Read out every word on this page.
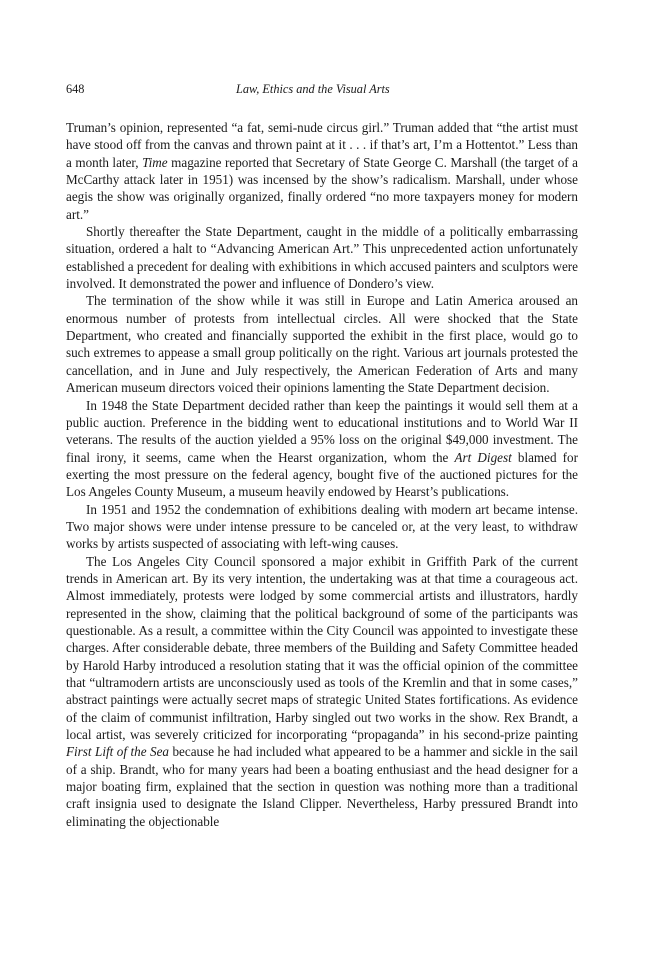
648	Law, Ethics and the Visual Arts

Truman’s opinion, represented “a fat, semi-nude circus girl.” Truman added that “the artist must have stood off from the canvas and thrown paint at it . . . if that’s art, I’m a Hottentot.” Less than a month later, Time magazine reported that Secretary of State George C. Marshall (the target of a McCarthy attack later in 1951) was incensed by the show’s radicalism. Marshall, under whose aegis the show was originally organized, finally ordered “no more taxpayers money for modern art.”

Shortly thereafter the State Department, caught in the middle of a politically embarrassing situation, ordered a halt to “Advancing American Art.” This unprecedented action unfortunately established a precedent for dealing with exhibitions in which accused painters and sculptors were involved. It demonstrated the power and influence of Dondero’s view.

The termination of the show while it was still in Europe and Latin America aroused an enormous number of protests from intellectual circles. All were shocked that the State Department, who created and financially supported the exhibit in the first place, would go to such extremes to appease a small group politically on the right. Various art journals protested the cancellation, and in June and July respectively, the American Federation of Arts and many American museum directors voiced their opinions lamenting the State Department decision.

In 1948 the State Department decided rather than keep the paintings it would sell them at a public auction. Preference in the bidding went to educational institutions and to World War II veterans. The results of the auction yielded a 95% loss on the original $49,000 investment. The final irony, it seems, came when the Hearst organization, whom the Art Digest blamed for exerting the most pressure on the federal agency, bought five of the auctioned pictures for the Los Angeles County Museum, a museum heavily endowed by Hearst’s publications.

In 1951 and 1952 the condemnation of exhibitions dealing with modern art became intense. Two major shows were under intense pressure to be canceled or, at the very least, to withdraw works by artists suspected of associating with left-wing causes.

The Los Angeles City Council sponsored a major exhibit in Griffith Park of the current trends in American art. By its very intention, the undertaking was at that time a courageous act. Almost immediately, protests were lodged by some commercial artists and illustrators, hardly represented in the show, claiming that the political background of some of the participants was questionable. As a result, a committee within the City Council was appointed to investigate these charges. After considerable debate, three members of the Building and Safety Committee headed by Harold Harby introduced a resolution stating that it was the official opinion of the committee that “ultramodern artists are unconsciously used as tools of the Kremlin and that in some cases,” abstract paintings were actually secret maps of strategic United States fortifications. As evidence of the claim of communist infiltration, Harby singled out two works in the show. Rex Brandt, a local artist, was severely criticized for incorporating “propaganda” in his second-prize painting First Lift of the Sea because he had included what appeared to be a hammer and sickle in the sail of a ship. Brandt, who for many years had been a boating enthusiast and the head designer for a major boating firm, explained that the section in question was nothing more than a traditional craft insignia used to designate the Island Clipper. Nevertheless, Harby pressured Brandt into eliminating the objectionable
